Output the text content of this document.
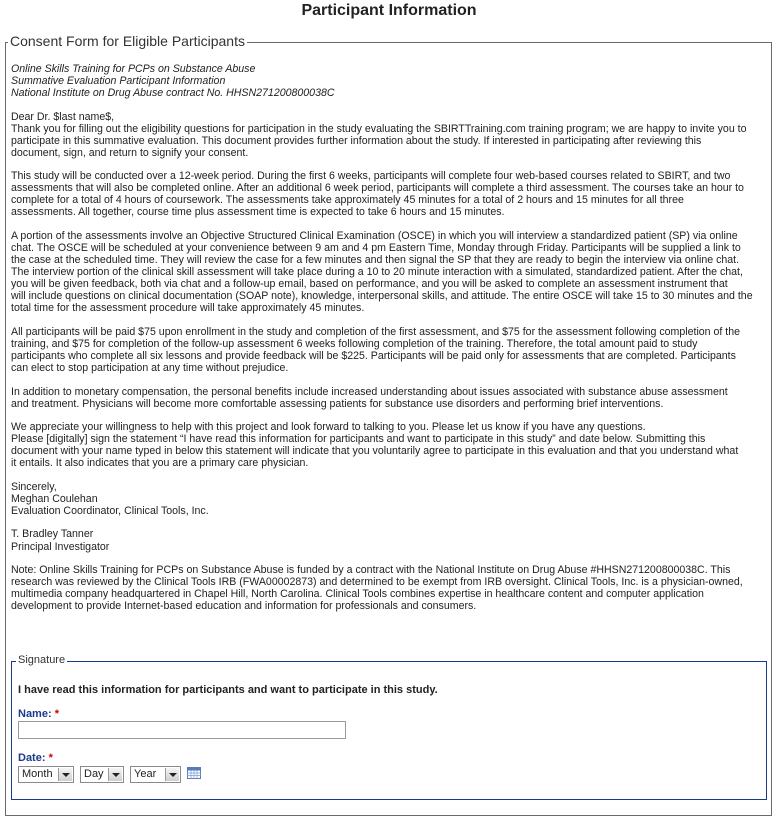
Participant Information
Consent Form for Eligible Participants

Online Skills Training for PCPs on Substance Abuse

Summative Evaluation Participant Information

National Institute on Drug Abuse contract No. HHSN271200800038C

Dear Dr. $last name$,

Thank you for filling out the eligibility questions for participation in the study evaluating the SBIRTTraining.com training program; we are happy to invite you to

participate in this summative evaluation. This document provides further information about the study. If interested in participating after reviewing this

document, sign, and return to signify your consent.

This study will be conducted over a 12-week period. During the first 6 weeks, participants will complete four web-based courses related to SBIRT, and two

assessments that will also be completed online. After an additional 6 week period, participants will complete a third assessment. The courses take an hour to

complete for a total of 4 hours of coursework. The assessments take approximately 45 minutes for a total of 2 hours and 15 minutes for all three

assessments. All together, course time plus assessment time is expected to take 6 hours and 15 minutes.

A portion of the assessments involve an Objective Structured Clinical Examination (OSCE) in which you will interview a standardized patient (SP) via online

chat. The OSCE will be scheduled at your convenience between 9 am and 4 pm Eastern Time, Monday through Friday. Participants will be supplied a link to

the case at the scheduled time. They will review the case for a few minutes and then signal the SP that they are ready to begin the interview via online chat.

The interview portion of the clinical skill assessment will take place during a 10 to 20 minute interaction with a simulated, standardized patient. After the chat,

you will be given feedback, both via chat and a follow-up email, based on performance, and you will be asked to complete an assessment instrument that

will include questions on clinical documentation (SOAP note), knowledge, interpersonal skills, and attitude. The entire OSCE will take 15 to 30 minutes and the

total time for the assessment procedure will take approximately 45 minutes.

All participants will be paid $75 upon enrollment in the study and completion of the first assessment, and $75 for the assessment following completion of the

training, and $75 for completion of the follow-up assessment 6 weeks following completion of the training. Therefore, the total amount paid to study

participants who complete all six lessons and provide feedback will be $225. Participants will be paid only for assessments that are completed. Participants

can elect to stop participation at any time without prejudice.

In addition to monetary compensation, the personal benefits include increased understanding about issues associated with substance abuse assessment

and treatment. Physicians will become more comfortable assessing patients for substance use disorders and performing brief interventions.

We appreciate your willingness to help with this project and look forward to talking to you. Please let us know if you have any questions.

Please [digitally] sign the statement “I have read this information for participants and want to participate in this study” and date below. Submitting this

document with your name typed in below this statement will indicate that you voluntarily agree to participate in this evaluation and that you understand what

it entails. It also indicates that you are a primary care physician.

Sincerely,

Meghan Coulehan

Evaluation Coordinator, Clinical Tools, Inc.

T. Bradley Tanner

Principal Investigator

Note: Online Skills Training for PCPs on Substance Abuse is funded by a contract with the National Institute on Drug Abuse #HHSN271200800038C. This

research was reviewed by the Clinical Tools IRB (FWA00002873) and determined to be exempt from IRB oversight. Clinical Tools, Inc. is a physician-owned,

multimedia company headquartered in Chapel Hill, North Carolina. Clinical Tools combines expertise in healthcare content and computer application

development to provide Internet-based education and information for professionals and consumers.

Signature
I have read this information for participants and want to participate in this study.
Name: *
Date: *
Month	Day	Year
